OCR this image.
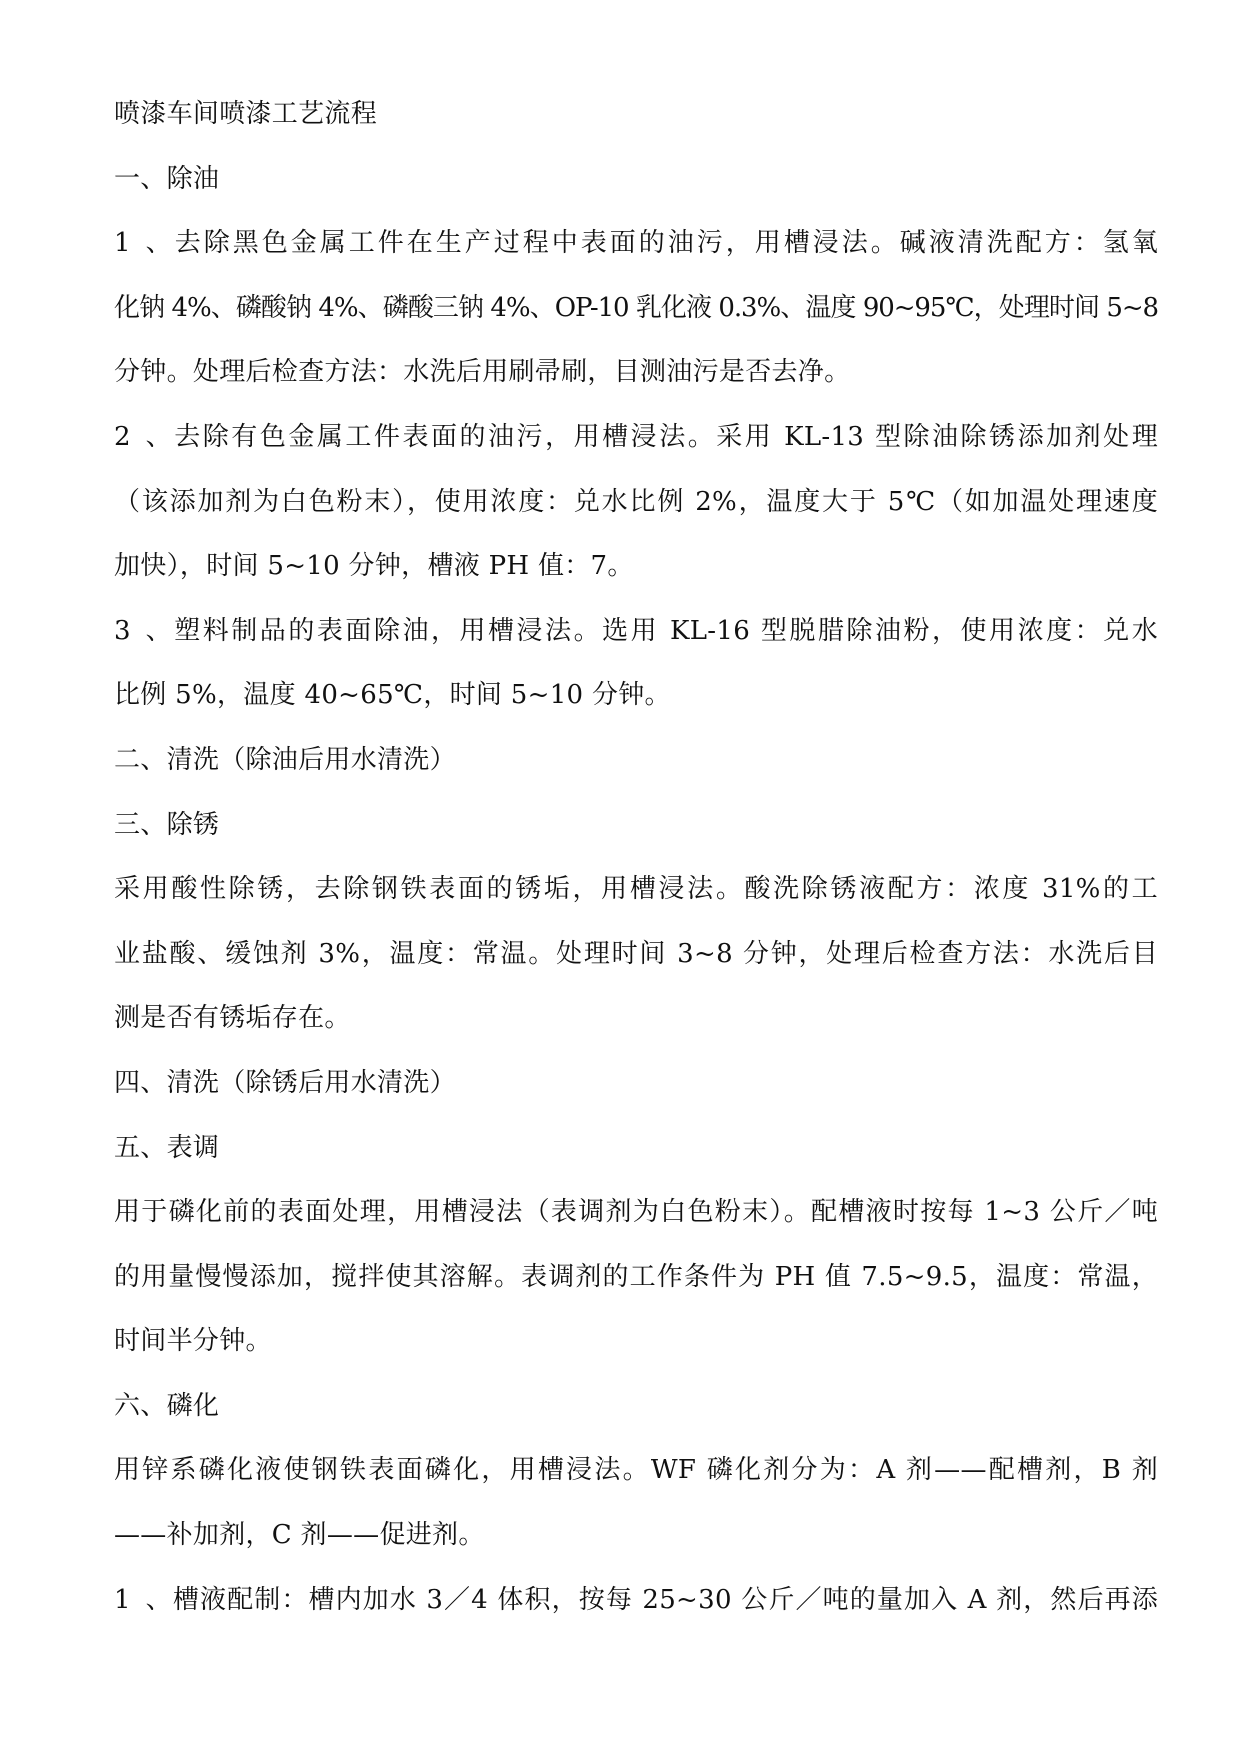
喷漆车间喷漆工艺流程
一、除油
1、去除黑色金属工件在生产过程中表面的油污，用槽浸法。碱液清洗配方：氢氧
化钠 4%、磷酸钠 4%、磷酸三钠 4%、OP-10 乳化液 0.3%、温度 90~95℃，处理时间 5~8
分钟。处理后检查方法：水洗后用刷帚刷，目测油污是否去净。
2、去除有色金属工件表面的油污，用槽浸法。采用 KL-13 型除油除锈添加剂处理
（该添加剂为白色粉末），使用浓度：兑水比例 2%，温度大于 5℃（如加温处理速度
加快），时间 5~10 分钟，槽液 PH 值：7。
3、塑料制品的表面除油，用槽浸法。选用 KL-16 型脱腊除油粉，使用浓度：兑水
比例 5%，温度 40~65℃，时间 5~10 分钟。
二、清洗（除油后用水清洗）
三、除锈
采用酸性除锈，去除钢铁表面的锈垢，用槽浸法。酸洗除锈液配方：浓度 31%的工
业盐酸、缓蚀剂 3%，温度：常温。处理时间 3~8 分钟，处理后检查方法：水洗后目
测是否有锈垢存在。
四、清洗（除锈后用水清洗）
五、表调
用于磷化前的表面处理，用槽浸法（表调剂为白色粉末）。配槽液时按每 1~3 公斤／吨
的用量慢慢添加，搅拌使其溶解。表调剂的工作条件为 PH 值 7.5~9.5，温度：常温，
时间半分钟。
六、磷化
用锌系磷化液使钢铁表面磷化，用槽浸法。WF 磷化剂分为：A 剂——配槽剂，B 剂
——补加剂，C 剂——促进剂。
1、槽液配制：槽内加水 3／4 体积，按每 25~30 公斤／吨的量加入 A 剂，然后再添
